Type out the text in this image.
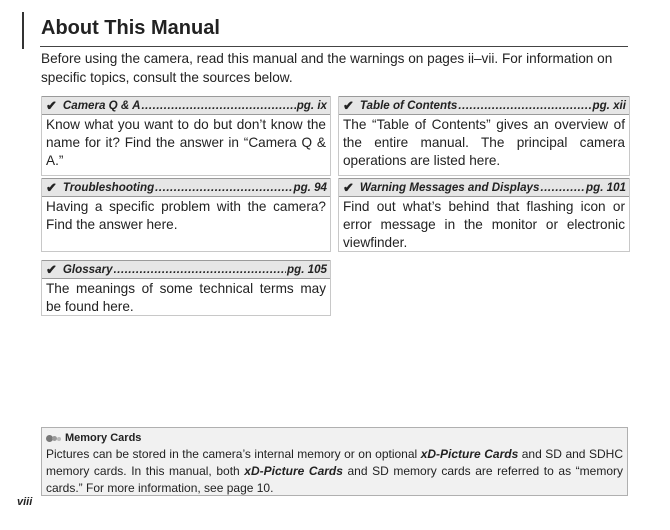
About This Manual

Before using the camera, read this manual and the warnings on pages ii–vii. For information on specific topics, consult the sources below.

✔ Camera Q & A .....	pg. ix

Know what you want to do but don’t know the name for it? Find the answer in “Camera Q & A.”

✔ Table of Contents .....	pg. xii

The “Table of Contents” gives an overview of the entire manual. The principal camera operations are listed here.

✔ Troubleshooting .....	pg. 94

Having a specific problem with the camera? Find the answer here.

✔ Warning Messages and Displays .....	pg. 101

Find out what’s behind that flashing icon or error message in the monitor or electronic viewfinder.

✔ Glossary .....	pg. 105

The meanings of some technical terms may be found here.

Memory Cards

Pictures can be stored in the camera’s internal memory or on optional xD-Picture Cards and SD and SDHC memory cards. In this manual, both xD-Picture Cards and SD memory cards are referred to as “memory cards.” For more information, see page 10.

viii
